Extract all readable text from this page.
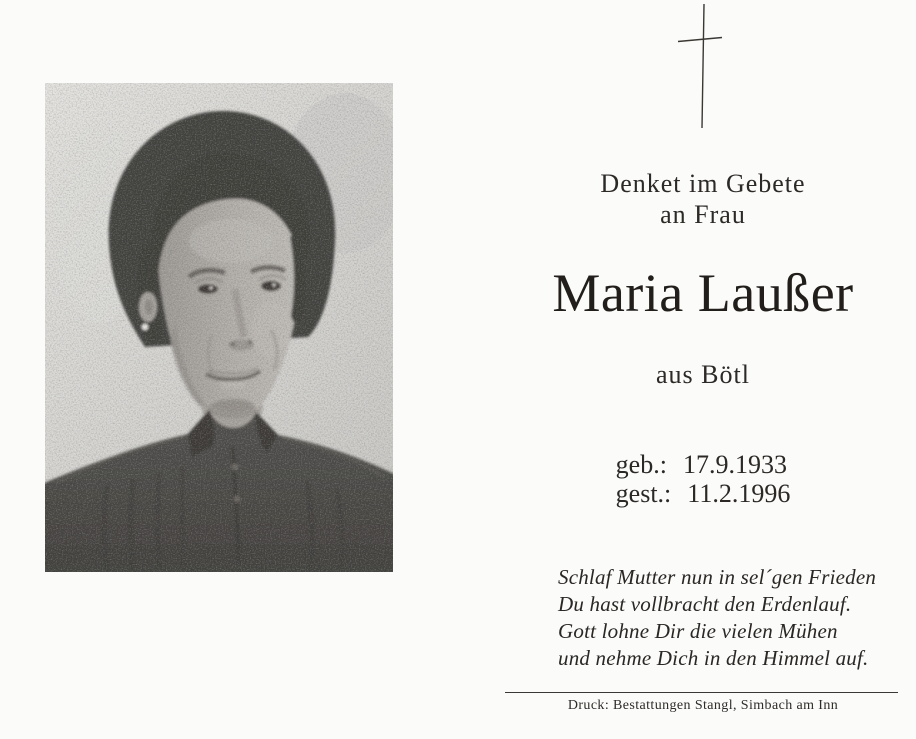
Denket im Gebete
an Frau
Maria Laußer
aus Bötl
geb.: 17.9.1933
gest.: 11.2.1996
Schlaf Mutter nun in sel´gen Frieden
Du hast vollbracht den Erdenlauf.
Gott lohne Dir die vielen Mühen
und nehme Dich in den Himmel auf.
Druck: Bestattungen Stangl, Simbach am Inn
